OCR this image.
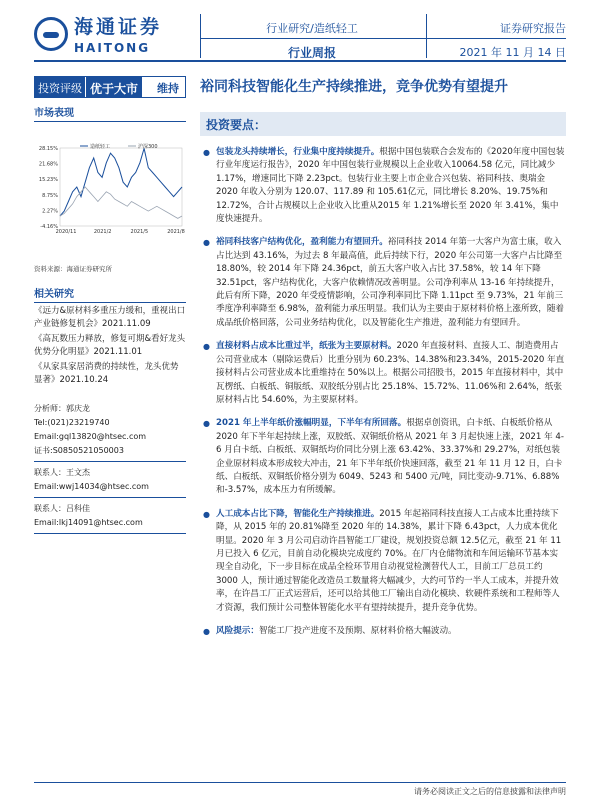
海通证券
HAITONG
行业研究/造纸轻工
行业周报
证券研究报告
2021 年 11 月 14 日
投资评级 优于大市	维持	裕同科技智能化生产持续推进，竞争优势有望提升
市场表现
28.15%
21.68%
15.23%
8.75%
2.27%
-4.16%
2020/11	2021/2	2021/5	2021/8
造纸轻工	沪深300
资料来源：海通证券研究所
相关研究
《远力&原材料多重压力缓和，重视出口产业链修复机会》2021.11.09
《高瓦数压力释放，修复可期&看好龙头优势分化明显》2021.11.01
《从家具家居消费的持续性，龙头优势显著》2021.10.24
分析师：郭庆龙
Tel:(021)23219740
Email:gql13820@htsec.com
证书:S0850521050003
联系人：王文杰
Email:wwj14034@htsec.com
联系人：吕科佳
Email:lkj14091@htsec.com
投资要点：
● 包装龙头持续增长，行业集中度持续提升。根据中国包装联合会发布的《2020年度中国包装行业年度运行报告》，2020 年中国包装行业规模以上企业收入10064.58 亿元，同比减少 1.17%，增速同比下降 2.23pct。包装行业主要上市企业合兴包装、裕同科技、奥瑞金 2020 年收入分别为 120.07、117.89 和 105.61亿元，同比增长 8.20%、19.75%和 12.72%，合计占规模以上企业收入比重从2015 年 1.21%增长至 2020 年 3.41%，集中度快速提升。
● 裕同科技客户结构优化，盈利能力有望回升。裕同科技 2014 年第一大客户为富士康，收入占比达到 43.16%，为过去 8 年最高值，此后持续下行，2020 年公司第一大客户占比降至 18.80%，较 2014 年下降 24.36pct，前五大客户收入占比 37.58%，较 14 年下降 32.51pct，客户结构优化，大客户依赖情况改善明显。公司净利率从 13-16 年持续提升，此后有所下降，2020 年受疫情影响，公司净利率同比下降 1.11pct 至 9.73%，21 年前三季度净利率降至 6.98%，盈利能力承压明显。我们认为主要由于原材料价格上涨所致，随着成品纸价格回落，公司业务结构优化，以及智能化生产推进，盈利能力有望回升。
● 直接材料占成本比重过半，纸张为主要原材料。2020 年直接材料、直接人工、制造费用占公司营业成本（剔除运费后）比重分别为 60.23%、14.38%和23.34%，2015-2020 年直接材料占公司营业成本比重维持在 50%以上。根据公司招股书，2015 年直接材料中，其中瓦楞纸、白板纸、铜版纸、双胶纸分别占比 25.18%、15.72%、11.06%和 2.64%，纸张原材料占比 54.60%，为主要原材料。
● 2021 年上半年纸价涨幅明显，下半年有所回落。根据卓创资讯，白卡纸、白板纸价格从 2020 年下半年起持续上涨，双胶纸、双铜纸价格从 2021 年 3 月起快速上涨，2021 年 4-6 月白卡纸、白板纸、双铜纸均价同比分别上涨 63.42%、33.37%和 29.27%，对纸包装企业原材料成本形成较大冲击，21 年下半年纸价快速回落，截至 21 年 11 月 12 日，白卡纸、白板纸、双铜纸价格分别为 6049、5243 和 5400 元/吨，同比变动-9.71%、6.88%和-3.57%，成本压力有所缓解。
● 人工成本占比下降，智能化生产持续推进。2015 年起裕同科技直接人工占成本比重持续下降，从 2015 年的 20.81%降至 2020 年的 14.38%，累计下降 6.43pct，人力成本优化明显。2020 年 3 月公司启动许昌智能工厂建设，规划投资总额 12.5亿元，截至 21 年 11 月已投入 6 亿元，目前自动化模块完成度约 70%。在厂内仓储物流和车间运输环节基本实现全自动化，下一步目标在成品全检环节用自动视觉检测替代人工，目前工厂总员工约 3000 人，预计通过智能化改造员工数量将大幅减少，大约可节约一半人工成本，并提升效率，在许昌工厂正式运营后，还可以给其他工厂输出自动化模块、软硬件系统和工程师等人才资源，我们预计公司整体智能化水平有望持续提升，提升竞争优势。
● 风险提示：智能工厂投产进度不及预期、原材料价格大幅波动。
请务必阅读正文之后的信息披露和法律声明
